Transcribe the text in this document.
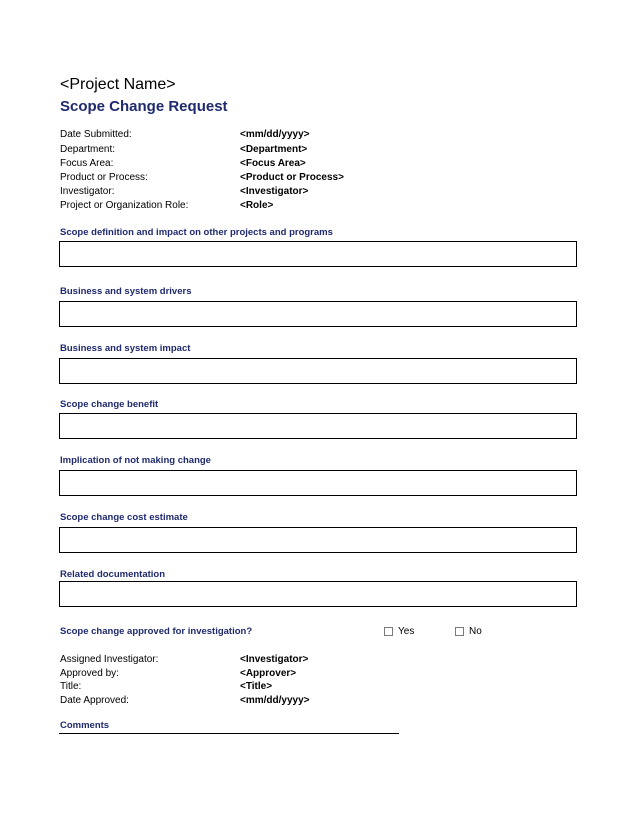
<Project Name>
Scope Change Request
Date Submitted:	<mm/dd/yyyy>
Department:	<Department>
Focus Area:	<Focus Area>
Product or Process:	<Product or Process>
Investigator:	<Investigator>
Project or Organization Role:	<Role>
Scope definition and impact on other projects and programs
Business and system drivers
Business and system impact
Scope change benefit
Implication of not making change
Scope change cost estimate
Related documentation
Scope change approved for investigation?	Yes	No
Assigned Investigator:	<Investigator>
Approved by:	<Approver>
Title:	<Title>
Date Approved:	<mm/dd/yyyy>
Comments
